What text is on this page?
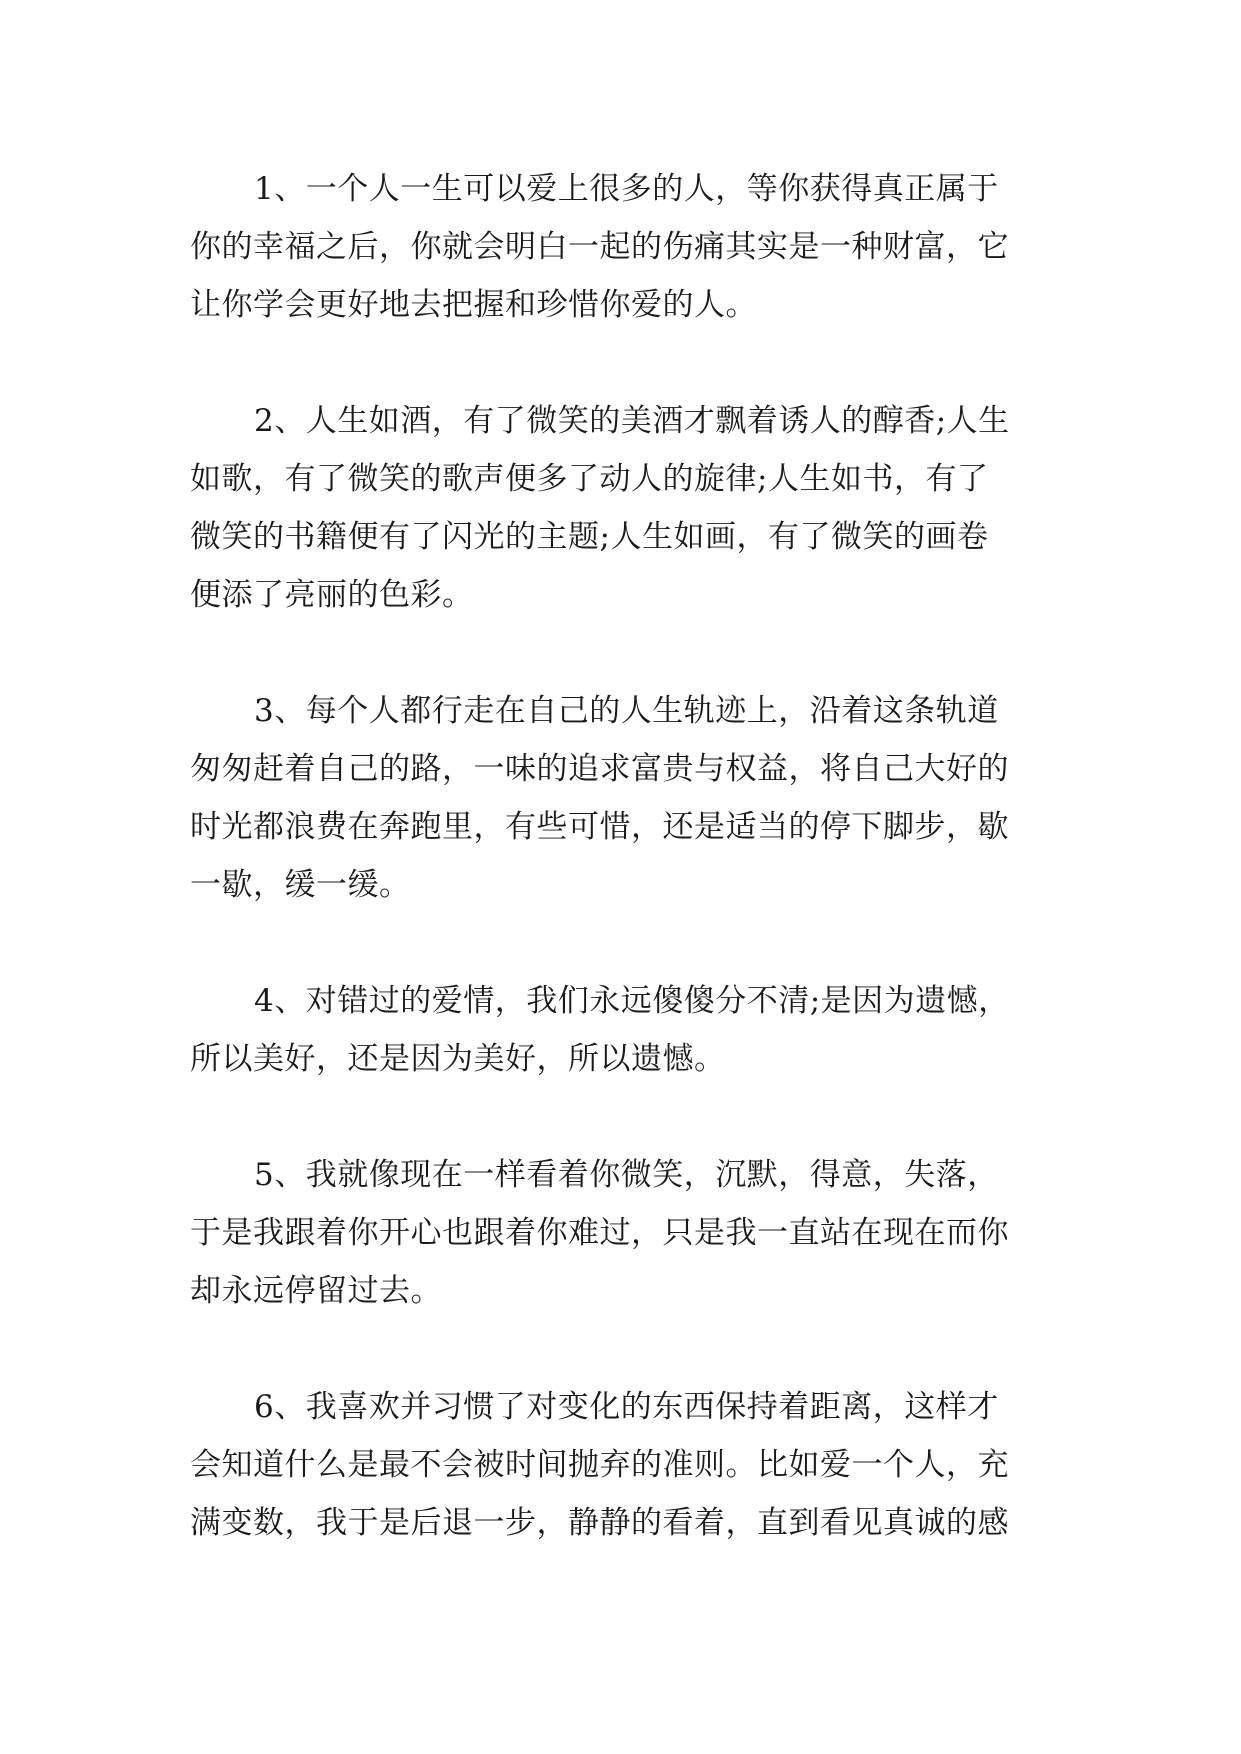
1、一个人一生可以爱上很多的人，等你获得真正属于
你的幸福之后，你就会明白一起的伤痛其实是一种财富，它
让你学会更好地去把握和珍惜你爱的人。
2、人生如酒，有了微笑的美酒才飘着诱人的醇香;人生
如歌，有了微笑的歌声便多了动人的旋律;人生如书，有了
微笑的书籍便有了闪光的主题;人生如画，有了微笑的画卷
便添了亮丽的色彩。
3、每个人都行走在自己的人生轨迹上，沿着这条轨道
匆匆赶着自己的路，一味的追求富贵与权益，将自己大好的
时光都浪费在奔跑里，有些可惜，还是适当的停下脚步，歇
一歇，缓一缓。
4、对错过的爱情，我们永远傻傻分不清;是因为遗憾，
所以美好，还是因为美好，所以遗憾。
5、我就像现在一样看着你微笑，沉默，得意，失落，
于是我跟着你开心也跟着你难过，只是我一直站在现在而你
却永远停留过去。
6、我喜欢并习惯了对变化的东西保持着距离，这样才
会知道什么是最不会被时间抛弃的准则。比如爱一个人，充
满变数，我于是后退一步，静静的看着，直到看见真诚的感
